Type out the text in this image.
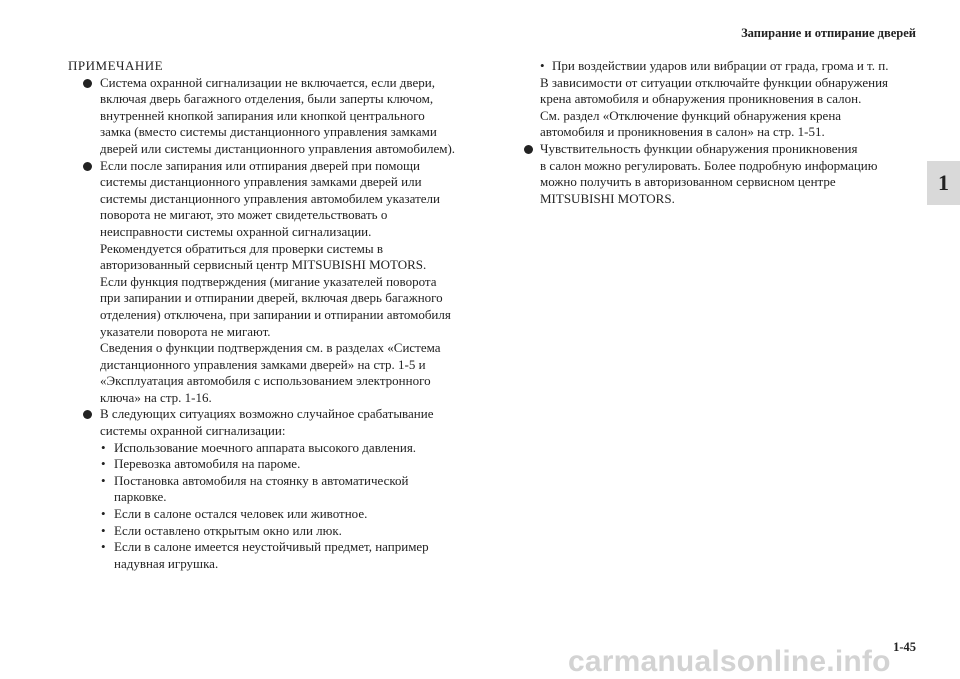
Запирание и отпирание дверей
1
ПРИМЕЧАНИЕ
Система охранной сигнализации не включается, если двери,
включая дверь багажного отделения, были заперты ключом,
внутренней кнопкой запирания или кнопкой центрального
замка (вместо системы дистанционного управления замками
дверей или системы дистанционного управления автомобилем).
Если после запирания или отпирания дверей при помощи
системы дистанционного управления замками дверей или
системы дистанционного управления автомобилем указатели
поворота не мигают, это может свидетельствовать о
неисправности системы охранной сигнализации.
Рекомендуется обратиться для проверки системы в
авторизованный сервисный центр MITSUBISHI MOTORS.
Если функция подтверждения (мигание указателей поворота
при запирании и отпирании дверей, включая дверь багажного
отделения) отключена, при запирании и отпирании автомобиля
указатели поворота не мигают.
Сведения о функции подтверждения см. в разделах «Система
дистанционного управления замками дверей» на стр. 1-5 и
«Эксплуатация автомобиля с использованием электронного
ключа» на стр. 1-16.
В следующих ситуациях возможно случайное срабатывание
системы охранной сигнализации:
• Использование моечного аппарата высокого давления.
• Перевозка автомобиля на пароме.
• Постановка автомобиля на стоянку в автоматической
парковке.
• Если в салоне остался человек или животное.
• Если оставлено открытым окно или люк.
• Если в салоне имеется неустойчивый предмет, например
надувная игрушка.
• При воздействии ударов или вибрации от града, грома и т. п.
В зависимости от ситуации отключайте функции обнаружения
крена автомобиля и обнаружения проникновения в салон.
См. раздел «Отключение функций обнаружения крена
автомобиля и проникновения в салон» на стр. 1-51.
Чувствительность функции обнаружения проникновения
в салон можно регулировать. Более подробную информацию
можно получить в авторизованном сервисном центре
MITSUBISHI MOTORS.
1-45
carmanualsonline.info
